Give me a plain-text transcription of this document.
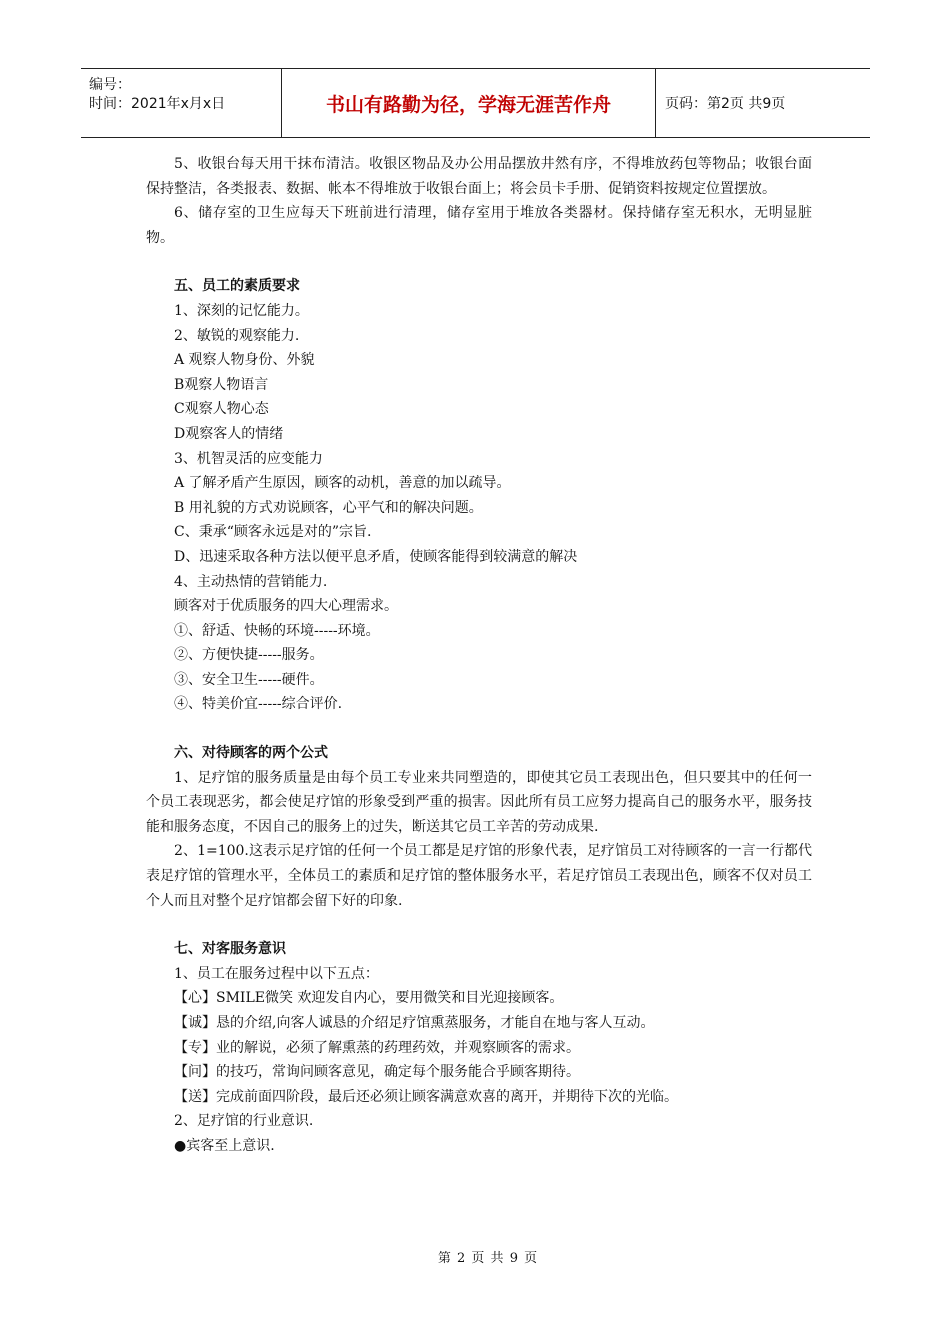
编号：
时间：2021年x月x日	书山有路勤为径，学海无涯苦作舟	页码：第2页 共9页

5、收银台每天用干抹布清洁。收银区物品及办公用品摆放井然有序，不得堆放药包等物品；收银台面保持整洁，各类报表、数据、帐本不得堆放于收银台面上；将会员卡手册、促销资料按规定位置摆放。

6、储存室的卫生应每天下班前进行清理，储存室用于堆放各类器材。保持储存室无积水，无明显脏物。

五、员工的素质要求

1、深刻的记忆能力。

2、敏锐的观察能力.

A 观察人物身份、外貌

B观察人物语言

C观察人物心态

D观察客人的情绪

3、机智灵活的应变能力

A 了解矛盾产生原因，顾客的动机，善意的加以疏导。

B 用礼貌的方式劝说顾客，心平气和的解决问题。

C、秉承“顾客永远是对的”宗旨.

D、迅速采取各种方法以便平息矛盾，使顾客能得到较满意的解决

4、主动热情的营销能力.

顾客对于优质服务的四大心理需求。

①、舒适、快畅的环境-----环境。

②、方便快捷-----服务。

③、安全卫生-----硬件。

④、特美价宜-----综合评价.

六、对待顾客的两个公式

1、足疗馆的服务质量是由每个员工专业来共同塑造的，即使其它员工表现出色，但只要其中的任何一个员工表现恶劣，都会使足疗馆的形象受到严重的损害。因此所有员工应努力提高自己的服务水平，服务技能和服务态度，不因自己的服务上的过失，断送其它员工辛苦的劳动成果.

2、1=100.这表示足疗馆的任何一个员工都是足疗馆的形象代表，足疗馆员工对待顾客的一言一行都代表足疗馆的管理水平，全体员工的素质和足疗馆的整体服务水平，若足疗馆员工表现出色，顾客不仅对员工个人而且对整个足疗馆都会留下好的印象.

七、对客服务意识

1、员工在服务过程中以下五点：

【心】SMILE微笑 欢迎发自内心，要用微笑和目光迎接顾客。

【诚】恳的介绍,向客人诚恳的介绍足疗馆熏蒸服务，才能自在地与客人互动。

【专】业的解说，必须了解熏蒸的药理药效，并观察顾客的需求。

【问】的技巧，常询问顾客意见，确定每个服务能合乎顾客期待。

【送】完成前面四阶段，最后还必须让顾客满意欢喜的离开，并期待下次的光临。

2、足疗馆的行业意识.

●宾客至上意识.

第 2 页 共 9 页
